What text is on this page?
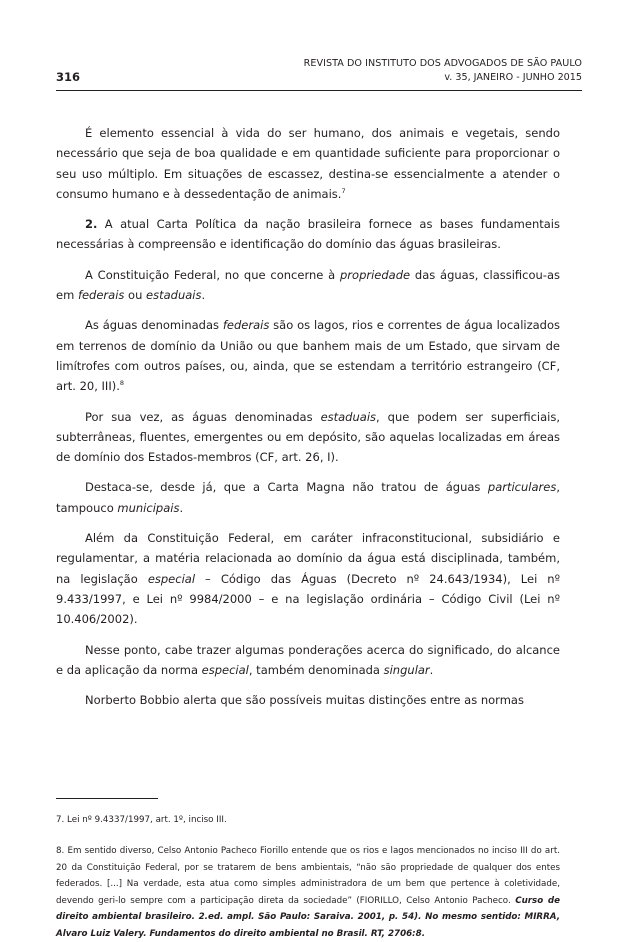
REVISTA DO INSTITUTO DOS ADVOGADOS DE SÃO PAULO
316	v. 35, JANEIRO - JUNHO 2015

É elemento essencial à vida do ser humano, dos animais e vegetais, sendo necessário que seja de boa qualidade e em quantidade suficiente para proporcionar o seu uso múltiplo. Em situações de escassez, destina-se essencialmente a atender o consumo humano e à dessedentação de animais.$^7$

2. A atual Carta Política da nação brasileira fornece as bases fundamentais necessárias à compreensão e identificação do domínio das águas brasileiras.

A Constituição Federal, no que concerne à propriedade das águas, classificou-as em federais ou estaduais.

As águas denominadas federais são os lagos, rios e correntes de água localizados em terrenos de domínio da União ou que banhem mais de um Estado, que sirvam de limítrofes com outros países, ou, ainda, que se estendam a território estrangeiro (CF, art. 20, III).$^8$

Por sua vez, as águas denominadas estaduais, que podem ser superficiais, subterrâneas, fluentes, emergentes ou em depósito, são aquelas localizadas em áreas de domínio dos Estados-membros (CF, art. 26, I).

Destaca-se, desde já, que a Carta Magna não tratou de águas particulares, tampouco municipais.

Além da Constituição Federal, em caráter infraconstitucional, subsidiário e regulamentar, a matéria relacionada ao domínio da água está disciplinada, também, na legislação especial – Código das Águas (Decreto nº 24.643/1934), Lei nº 9.433/1997, e Lei nº 9984/2000 – e na legislação ordinária – Código Civil (Lei nº 10.406/2002).

Nesse ponto, cabe trazer algumas ponderações acerca do significado, do alcance e da aplicação da norma especial, também denominada singular.

Norberto Bobbio alerta que são possíveis muitas distinções entre as normas

7. Lei nº 9.4337/1997, art. 1º, inciso III.

8. Em sentido diverso, Celso Antonio Pacheco Fiorillo entende que os rios e lagos mencionados no inciso III do art. 20 da Constituição Federal, por se tratarem de bens ambientais, “não são propriedade de qualquer dos entes federados. [...] Na verdade, esta atua como simples administradora de um bem que pertence à coletividade, devendo geri-lo sempre com a participação direta da sociedade” (FIORILLO, Celso Antonio Pacheco. Curso de direito ambiental brasileiro. 2.ed. ampl. São Paulo: Saraiva. 2001, p. 54). No mesmo sentido: MIRRA, Alvaro Luiz Valery. Fundamentos do direito ambiental no Brasil. RT, 2706:8.
